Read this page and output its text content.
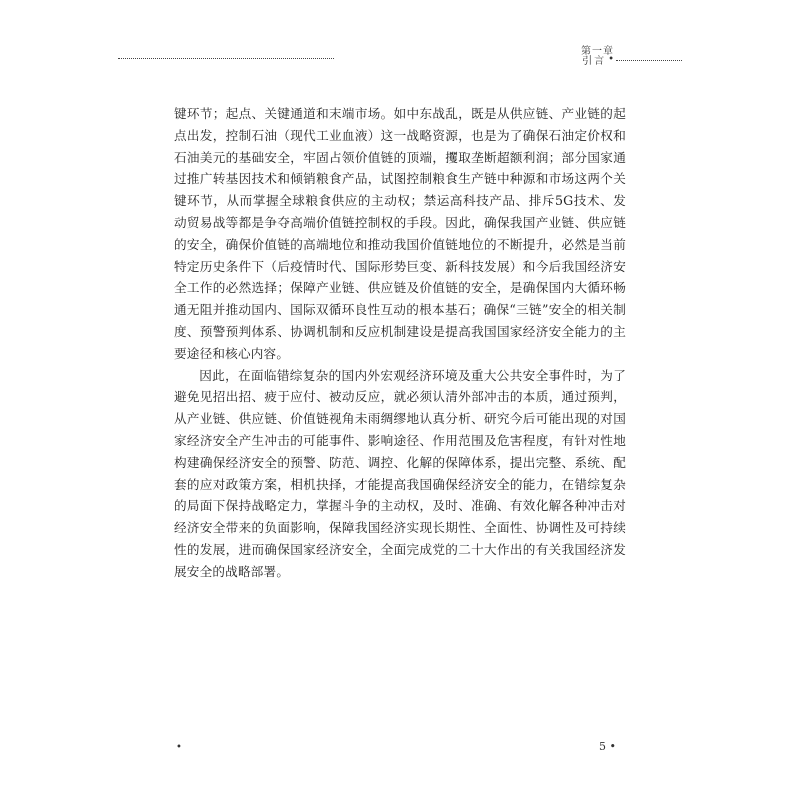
第一章
引言 •

键环节；起点、关键通道和末端市场。如中东战乱，既是从供应链、产业链的起点出发，控制石油（现代工业血液）这一战略资源，也是为了确保石油定价权和石油美元的基础安全，牢固占领价值链的顶端，攫取垄断超额利润；部分国家通过推广转基因技术和倾销粮食产品，试图控制粮食生产链中种源和市场这两个关键环节，从而掌握全球粮食供应的主动权；禁运高科技产品、排斥5G技术、发动贸易战等都是争夺高端价值链控制权的手段。因此，确保我国产业链、供应链的安全，确保价值链的高端地位和推动我国价值链地位的不断提升，必然是当前特定历史条件下（后疫情时代、国际形势巨变、新科技发展）和今后我国经济安全工作的必然选择；保障产业链、供应链及价值链的安全，是确保国内大循环畅通无阻并推动国内、国际双循环良性互动的根本基石；确保“三链”安全的相关制度、预警预判体系、协调机制和反应机制建设是提高我国国家经济安全能力的主要途径和核心内容。

因此，在面临错综复杂的国内外宏观经济环境及重大公共安全事件时，为了避免见招出招、疲于应付、被动反应，就必须认清外部冲击的本质，通过预判，从产业链、供应链、价值链视角未雨绸缪地认真分析、研究今后可能出现的对国家经济安全产生冲击的可能事件、影响途径、作用范围及危害程度，有针对性地构建确保经济安全的预警、防范、调控、化解的保障体系，提出完整、系统、配套的应对政策方案，相机抉择，才能提高我国确保经济安全的能力，在错综复杂的局面下保持战略定力，掌握斗争的主动权，及时、准确、有效化解各种冲击对经济安全带来的负面影响，保障我国经济实现长期性、全面性、协调性及可持续性的发展，进而确保国家经济安全，全面完成党的二十大作出的有关我国经济发展安全的战略部署。

•	5 •
